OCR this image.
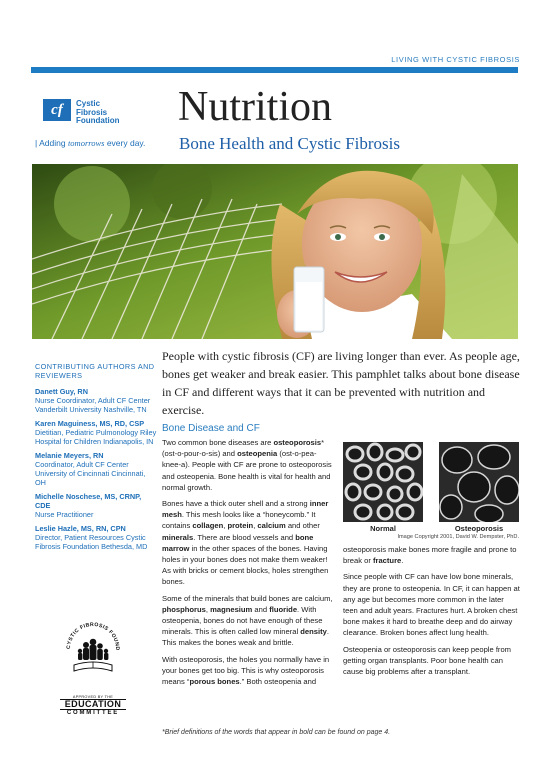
LIVING WITH CYSTIC FIBROSIS
cf	Cystic
Fibrosis
Foundation
| Adding tomorrows every day.
Nutrition
Bone Health and Cystic Fibrosis
CONTRIBUTING AUTHORS AND REVIEWERS
Danett Guy, RN
Nurse Coordinator, Adult CF Center Vanderbilt University Nashville, TN
Karen Maguiness, MS, RD, CSP
Dietitian, Pediatric Pulmonology Riley Hospital for Children Indianapolis, IN
Melanie Meyers, RN
Coordinator, Adult CF Center University of Cincinnati Cincinnati, OH
Michelle Noschese, MS, CRNP, CDE
Nurse Practitioner
Leslie Hazle, MS, RN, CPN
Director, Patient Resources Cystic Fibrosis Foundation Bethesda, MD
People with cystic fibrosis (CF) are living longer than ever. As people age, bones get weaker and break easier. This pamphlet talks about bone disease in CF and different ways that it can be prevented with nutrition and exercise.
Bone Disease and CF

Two common bone diseases are osteoporosis* (ost-o-pour-o-sis) and osteopenia (ost-o-pea-knee-a). People with CF are prone to osteoporosis and osteopenia. Bone health is vital for health and normal growth.

Bones have a thick outer shell and a strong inner mesh. This mesh looks like a “honeycomb.” It contains collagen, protein, calcium and other minerals. There are blood vessels and bone marrow in the other spaces of the bones. Having holes in your bones does not make them weaker! As with bricks or cement blocks, holes strengthen bones.

Some of the minerals that build bones are calcium, phosphorus, magnesium and fluoride. With osteopenia, bones do not have enough of these minerals. This is often called low mineral density. This makes the bones weak and brittle.

With osteoporosis, the holes you normally have in your bones get too big. This is why osteoporosis means “porous bones.” Both osteopenia and

Normal	Osteoporosis
Image Copyright 2001, David W. Dempster, PhD.

osteoporosis make bones more fragile and prone to break or fracture.

Since people with CF can have low bone minerals, they are prone to osteopenia. In CF, it can happen at any age but becomes more common in the later teen and adult years. Fractures hurt. A broken chest bone makes it hard to breathe deep and do airway clearance. Broken bones affect lung health.

Osteopenia or osteoporosis can keep people from getting organ transplants. Poor bone health can cause big problems after a transplant.

CYSTIC FIBROSIS FOUND
APPROVED BY THE
EDUCATION
COMMITTEE
*Brief definitions of the words that appear in bold can be found on page 4.
